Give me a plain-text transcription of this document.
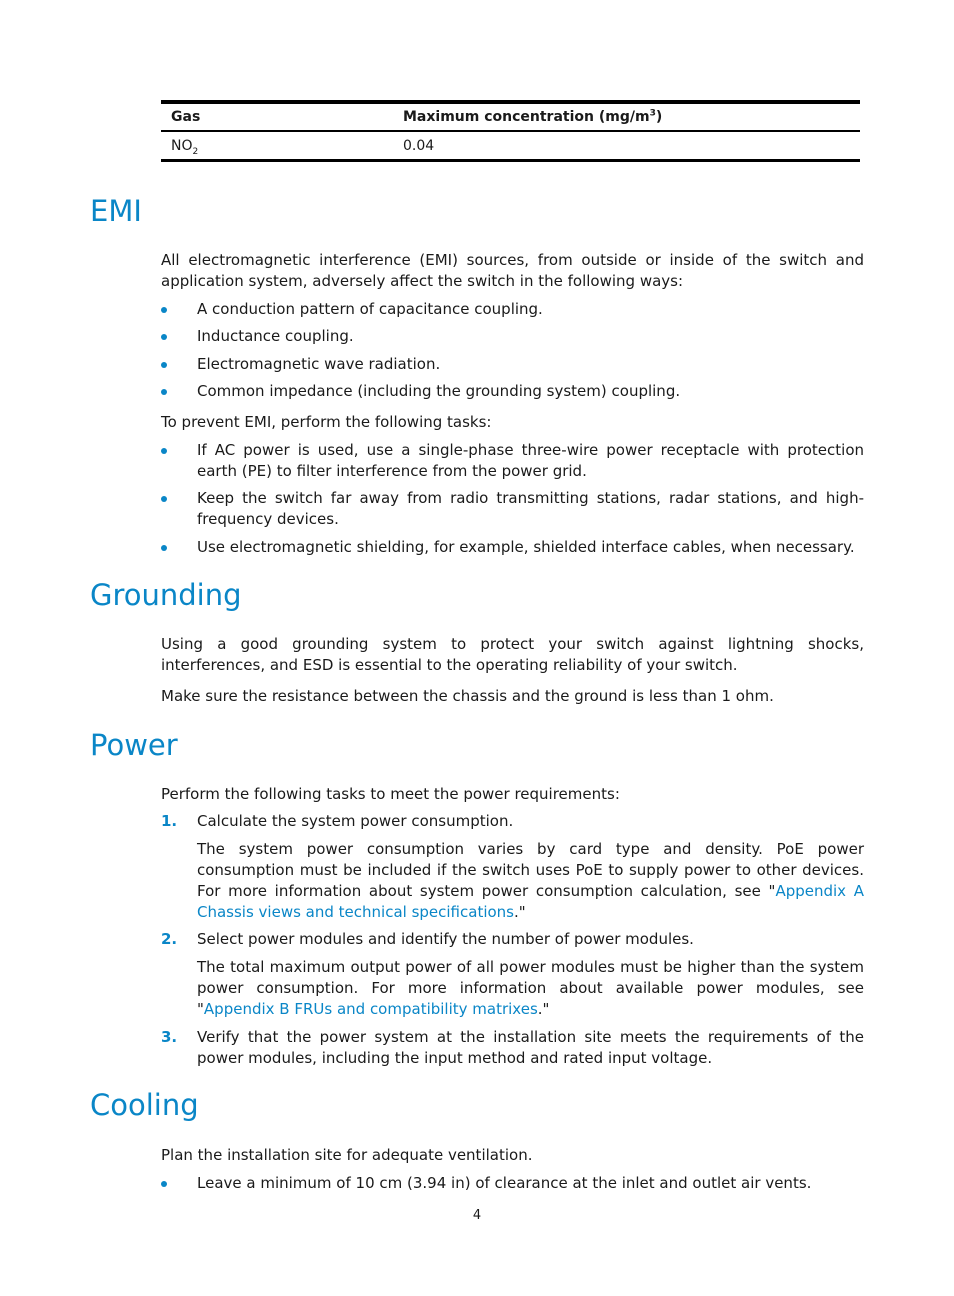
Gas	Maximum concentration $(mg/m^3)$
$NO_2$	0.04
EMI

All electromagnetic interference (EMI) sources, from outside or inside of the switch and application system, adversely affect the switch in the following ways:

A conduction pattern of capacitance coupling.
Inductance coupling.
Electromagnetic wave radiation.
Common impedance (including the grounding system) coupling.

To prevent EMI, perform the following tasks:

If AC power is used, use a single-phase three-wire power receptacle with protection earth (PE) to filter interference from the power grid.
Keep the switch far away from radio transmitting stations, radar stations, and high-frequency devices.
Use electromagnetic shielding, for example, shielded interface cables, when necessary.
Grounding

Using a good grounding system to protect your switch against lightning shocks, interferences, and ESD is essential to the operating reliability of your switch.

Make sure the resistance between the chassis and the ground is less than 1 ohm.

Power

Perform the following tasks to meet the power requirements:

1. Calculate the system power consumption.
The system power consumption varies by card type and density. PoE power consumption must be included if the switch uses PoE to supply power to other devices. For more information about system power consumption calculation, see "Appendix A Chassis views and technical specifications."
2. Select power modules and identify the number of power modules.
The total maximum output power of all power modules must be higher than the system power consumption. For more information about available power modules, see "Appendix B FRUs and compatibility matrixes."
3. Verify that the power system at the installation site meets the requirements of the power modules, including the input method and rated input voltage.
Cooling

Plan the installation site for adequate ventilation.

Leave a minimum of 10 cm (3.94 in) of clearance at the inlet and outlet air vents.
4
